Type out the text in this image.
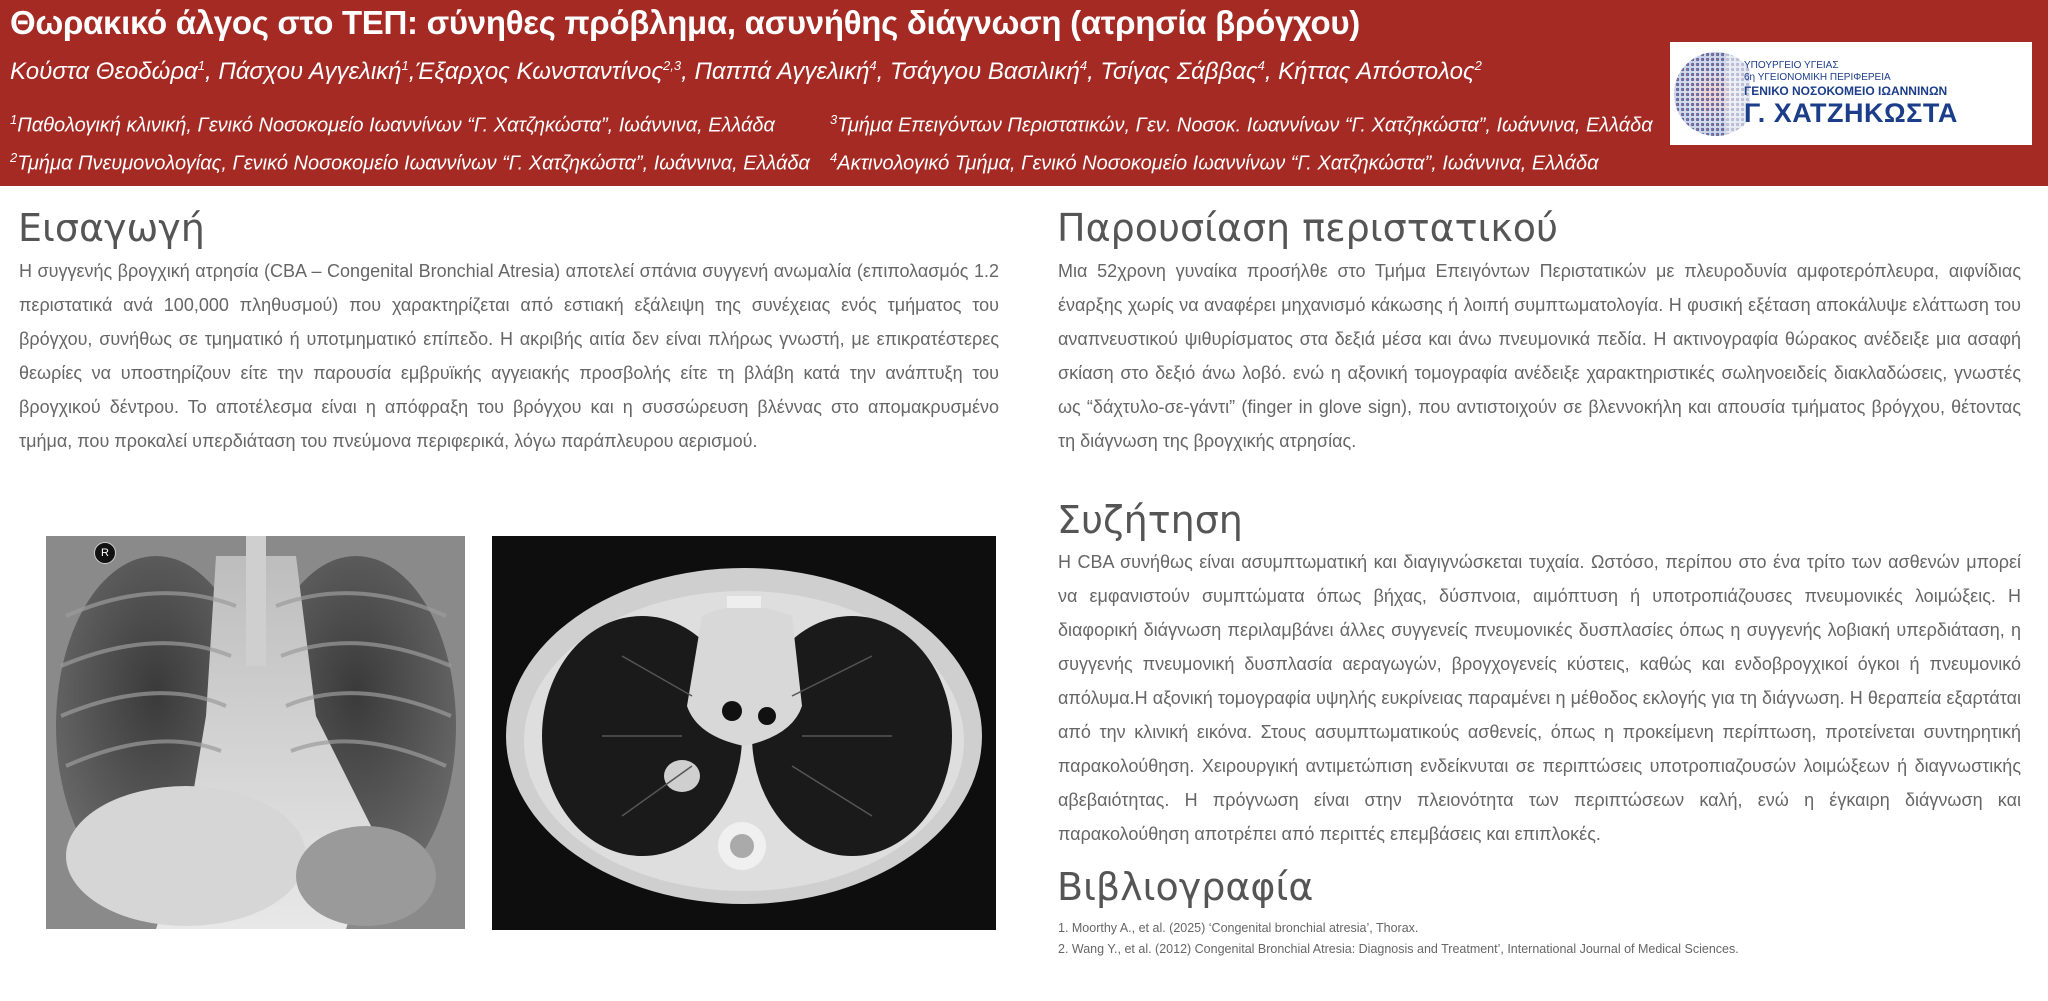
Θωρακικό άλγος στο ΤΕΠ: σύνηθες πρόβλημα, ασυνήθης διάγνωση (ατρησία βρόγχου)
Κούστα Θεοδώρα$^1$, Πάσχου Αγγελική$^1$,Έξαρχος Κωνσταντίνος$^{2,3}$, Παππά Αγγελική$^4$, Τσάγγου Βασιλική$^4$, Τσίγας Σάββας$^4$, Κήττας Απόστολος$^2$
$^1$Παθολογική κλινική, Γενικό Νοσοκομείο Ιωαννίνων “Γ. Χατζηκώστα”, Ιωάννινα, Ελλάδα
$^2$Τμήμα Πνευμονολογίας, Γενικό Νοσοκομείο Ιωαννίνων “Γ. Χατζηκώστα”, Ιωάννινα, Ελλάδα
$^3$Τμήμα Επειγόντων Περιστατικών, Γεν. Νοσοκ. Ιωαννίνων “Γ. Χατζηκώστα”, Ιωάννινα, Ελλάδα
$^4$Ακτινολογικό Τμήμα, Γενικό Νοσοκομείο Ιωαννίνων “Γ. Χατζηκώστα”, Ιωάννινα, Ελλάδα
ΥΠΟΥΡΓΕΙΟ ΥΓΕΙΑΣ
6η ΥΓΕΙΟΝΟΜΙΚΗ ΠΕΡΙΦΕΡΕΙΑ
ΓΕΝΙΚΟ ΝΟΣΟΚΟΜΕΙΟ ΙΩΑΝΝΙΝΩΝ
Γ. ΧΑΤΖΗΚΩΣΤΑ
Εισαγωγή

Η συγγενής βρογχική ατρησία (CBA – Congenital Bronchial Atresia) αποτελεί σπάνια συγγενή ανωμαλία (επιπολασμός 1.2 περιστατικά ανά 100,000 πληθυσμού) που χαρακτηρίζεται από εστιακή εξάλειψη της συνέχειας ενός τμήματος του βρόγχου, συνήθως σε τμηματικό ή υποτμηματικό επίπεδο. Η ακριβής αιτία δεν είναι πλήρως γνωστή, με επικρατέστερες θεωρίες να υποστηρίζουν είτε την παρουσία εμβρυϊκής αγγειακής προσβολής είτε τη βλάβη κατά την ανάπτυξη του βρογχικού δέντρου. Το αποτέλεσμα είναι η απόφραξη του βρόγχου και η συσσώρευση βλέννας στο απομακρυσμένο τμήμα, που προκαλεί υπερδιάταση του πνεύμονα περιφερικά, λόγω παράπλευρου αερισμού.

R
Παρουσίαση περιστατικού

Μια 52χρονη γυναίκα προσήλθε στο Τμήμα Επειγόντων Περιστατικών με πλευροδυνία αμφοτερόπλευρα, αιφνίδιας έναρξης χωρίς να αναφέρει μηχανισμό κάκωσης ή λοιπή συμπτωματολογία. Η φυσική εξέταση αποκάλυψε ελάττωση του αναπνευστικού ψιθυρίσματος στα δεξιά μέσα και άνω πνευμονικά πεδία. Η ακτινογραφία θώρακος ανέδειξε μια ασαφή σκίαση στο δεξιό άνω λοβό. ενώ η αξονική τομογραφία ανέδειξε χαρακτηριστικές σωληνοειδείς διακλαδώσεις, γνωστές ως “δάχτυλο-σε-γάντι” (finger in glove sign), που αντιστοιχούν σε βλεννοκήλη και απουσία τμήματος βρόγχου, θέτοντας τη διάγνωση της βρογχικής ατρησίας.

Συζήτηση

Η CBA συνήθως είναι ασυμπτωματική και διαγιγνώσκεται τυχαία. Ωστόσο, περίπου στο ένα τρίτο των ασθενών μπορεί να εμφανιστούν συμπτώματα όπως βήχας, δύσπνοια, αιμόπτυση ή υποτροπιάζουσες πνευμονικές λοιμώξεις. Η διαφορική διάγνωση περιλαμβάνει άλλες συγγενείς πνευμονικές δυσπλασίες όπως η συγγενής λοβιακή υπερδιάταση, η συγγενής πνευμονική δυσπλασία αεραγωγών, βρογχογενείς κύστεις, καθώς και ενδοβρογχικοί όγκοι ή πνευμονικό απόλυμα.Η αξονική τομογραφία υψηλής ευκρίνειας παραμένει η μέθοδος εκλογής για τη διάγνωση. Η θεραπεία εξαρτάται από την κλινική εικόνα. Στους ασυμπτωματικούς ασθενείς, όπως η προκείμενη περίπτωση, προτείνεται συντηρητική παρακολούθηση. Χειρουργική αντιμετώπιση ενδείκνυται σε περιπτώσεις υποτροπιαζουσών λοιμώξεων ή διαγνωστικής αβεβαιότητας. Η πρόγνωση είναι στην πλειονότητα των περιπτώσεων καλή, ενώ η έγκαιρη διάγνωση και παρακολούθηση αποτρέπει από περιττές επεμβάσεις και επιπλοκές.

Βιβλιογραφία
1. Moorthy A., et al. (2025) ‘Congenital bronchial atresia’, Thorax.
2. Wang Y., et al. (2012) Congenital Bronchial Atresia: Diagnosis and Treatment’, International Journal of Medical Sciences.
